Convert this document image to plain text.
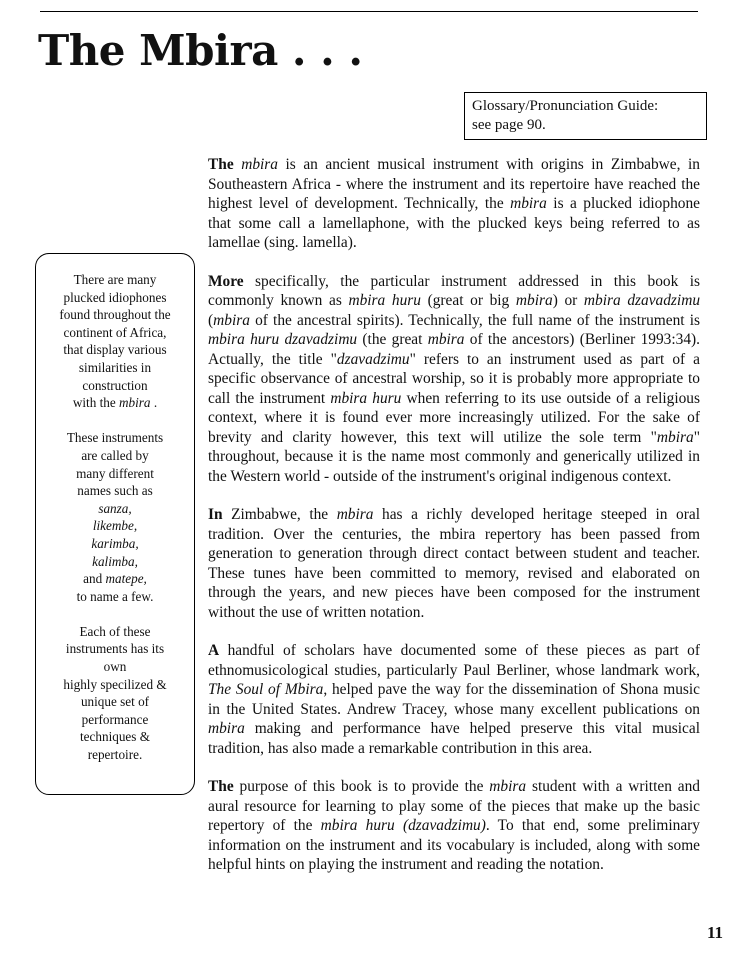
The Mbira . . .
Glossary/Pronunciation Guide:
see page 90.
There are many
plucked idiophones
found throughout the
continent of Africa,
that display various
similarities in
construction
with the mbira .
These instruments
are called by
many different
names such as
sanza,
likembe,
karimba,
kalimba,
and matepe,
to name a few.
Each of these
instruments has its
own
highly specilized &
unique set of
performance
techniques &
repertoire.

The mbira is an ancient musical instrument with origins in Zimbabwe, in Southeastern Africa - where the instrument and its repertoire have reached the highest level of development. Technically, the mbira is a plucked idiophone that some call a lamellaphone, with the plucked keys being referred to as lamellae (sing. lamella).

More specifically, the particular instrument addressed in this book is commonly known as mbira huru (great or big mbira) or mbira dzavadzimu (mbira of the ancestral spirits). Technically, the full name of the instrument is mbira huru dzavadzimu (the great mbira of the ancestors) (Berliner 1993:34). Actually, the title "dzavadzimu" refers to an instrument used as part of a specific observance of ancestral worship, so it is probably more appropriate to call the instrument mbira huru when referring to its use outside of a religious context, where it is found ever more increasingly utilized. For the sake of brevity and clarity however, this text will utilize the sole term "mbira" throughout, because it is the name most commonly and generically utilized in the Western world - outside of the instrument's original indigenous context.

In Zimbabwe, the mbira has a richly developed heritage steeped in oral tradition. Over the centuries, the mbira repertory has been passed from generation to generation through direct contact between student and teacher. These tunes have been committed to memory, revised and elaborated on through the years, and new pieces have been composed for the instrument without the use of written notation.

A handful of scholars have documented some of these pieces as part of ethnomusicological studies, particularly Paul Berliner, whose landmark work, The Soul of Mbira, helped pave the way for the dissemination of Shona music in the United States. Andrew Tracey, whose many excellent publications on mbira making and performance have helped preserve this vital musical tradition, has also made a remarkable contribution in this area.

The purpose of this book is to provide the mbira student with a written and aural resource for learning to play some of the pieces that make up the basic repertory of the mbira huru (dzavadzimu). To that end, some preliminary information on the instrument and its vocabulary is included, along with some helpful hints on playing the instrument and reading the notation.

11
